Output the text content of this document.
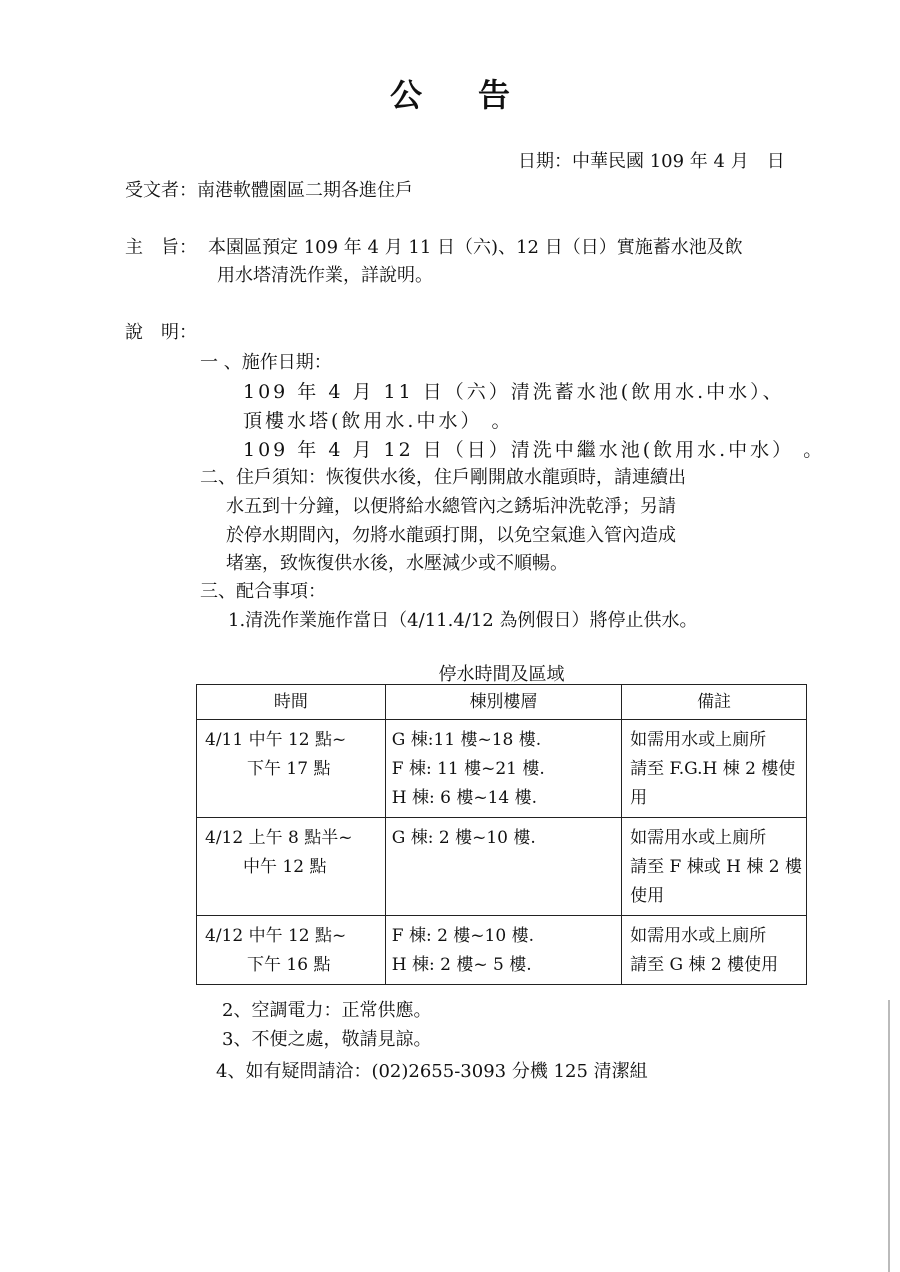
公告
日期：中華民國 109 年 4 月　日
受文者：南港軟體園區二期各進住戶
主　旨： 本園區預定 109 年 4 月 11 日（六)、12 日（日）實施蓄水池及飲
用水塔清洗作業，詳說明。
說　明：
一 、施作日期：
109 年 4 月 11 日（六）清洗蓄水池(飲用水.中水）、
頂樓水塔(飲用水.中水） 。
109 年 4 月 12 日（日）清洗中繼水池(飲用水.中水） 。
二、住戶須知：恢復供水後，住戶剛開啟水龍頭時，請連續出
水五到十分鐘，以便將給水總管內之銹垢沖洗乾淨；另請
於停水期間內，勿將水龍頭打開，以免空氣進入管內造成
堵塞，致恢復供水後，水壓減少或不順暢。
三、配合事項：
1.清洗作業施作當日（4/11.4/12 為例假日）將停止供水。
停水時間及區域
時間	棟別樓層	備註

4/11 中午 12 點~
下午 17 點	G 棟:11 樓~18 樓.
F 棟: 11 樓~21 樓.
H 棟: 6 樓~14 樓.	如需用水或上廁所
請至 F.G.H 棟 2 樓使
用

4/12 上午 8 點半~
中午 12 點	G 棟: 2 樓~10 樓.	如需用水或上廁所
請至 F 棟或 H 棟 2 樓
使用

4/12 中午 12 點~
下午 16 點	F 棟: 2 樓~10 樓.
H 棟: 2 樓~ 5 樓.	如需用水或上廁所
請至 G 棟 2 樓使用
2、空調電力：正常供應。
3、不便之處，敬請見諒。
4、如有疑問請洽：(02)2655-3093 分機 125 清潔組
